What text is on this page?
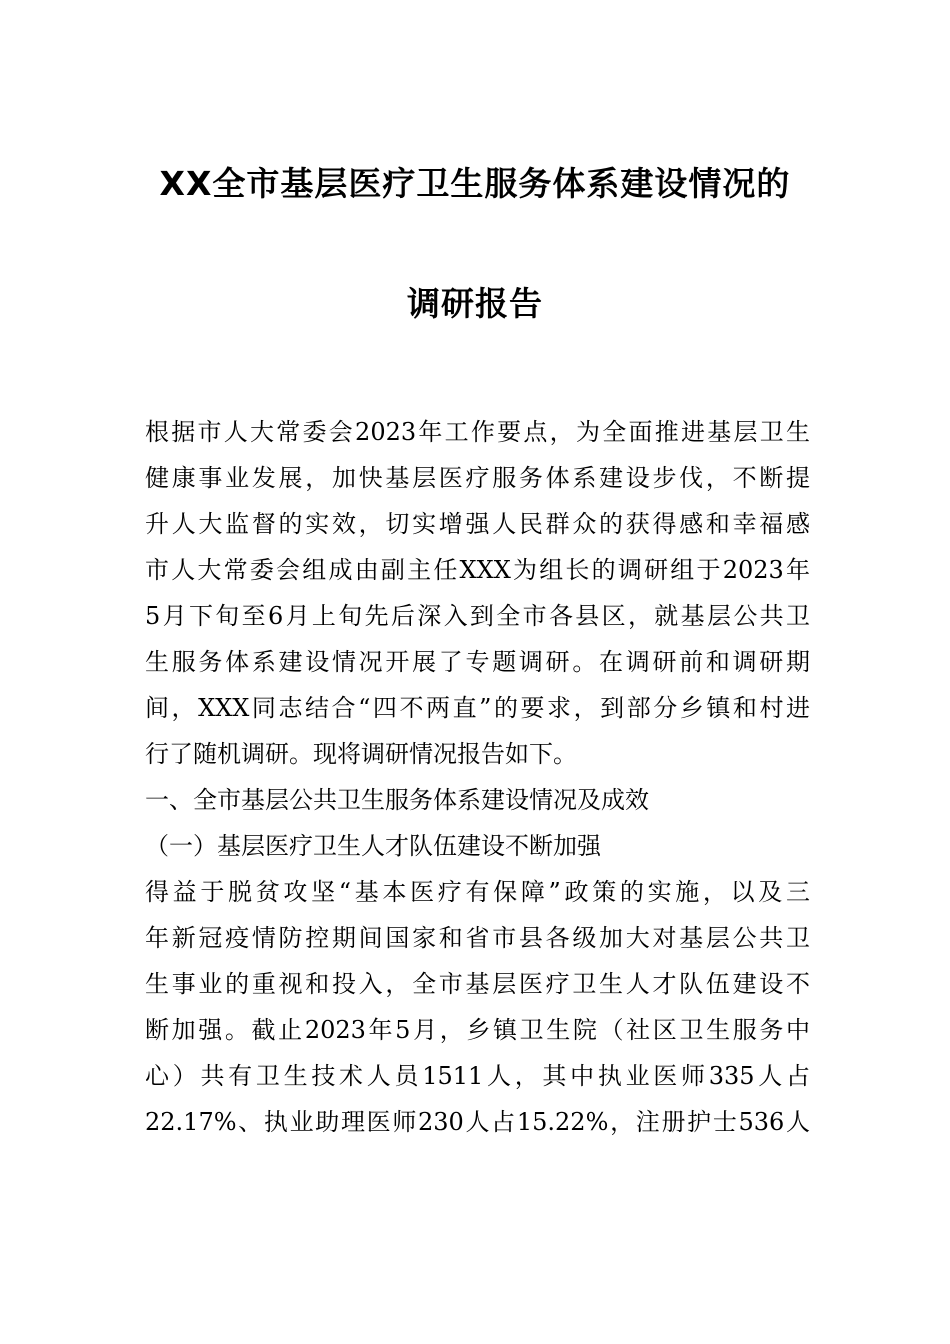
XX全市基层医疗卫生服务体系建设情况的
调研报告
根据市人大常委会2023年工作要点，为全面推进基层卫生
健康事业发展，加快基层医疗服务体系建设步伐，不断提
升人大监督的实效，切实增强人民群众的获得感和幸福感
市人大常委会组成由副主任XXX为组长的调研组于2023年
5月下旬至6月上旬先后深入到全市各县区，就基层公共卫
生服务体系建设情况开展了专题调研。在调研前和调研期
间，XXX同志结合“四不两直”的要求，到部分乡镇和村进
行了随机调研。现将调研情况报告如下。
一、全市基层公共卫生服务体系建设情况及成效
（一）基层医疗卫生人才队伍建设不断加强
得益于脱贫攻坚“基本医疗有保障”政策的实施，以及三
年新冠疫情防控期间国家和省市县各级加大对基层公共卫
生事业的重视和投入，全市基层医疗卫生人才队伍建设不
断加强。截止2023年5月，乡镇卫生院（社区卫生服务中
心）共有卫生技术人员1511人，其中执业医师335人占
22.17%、执业助理医师230人占15.22%，注册护士536人
